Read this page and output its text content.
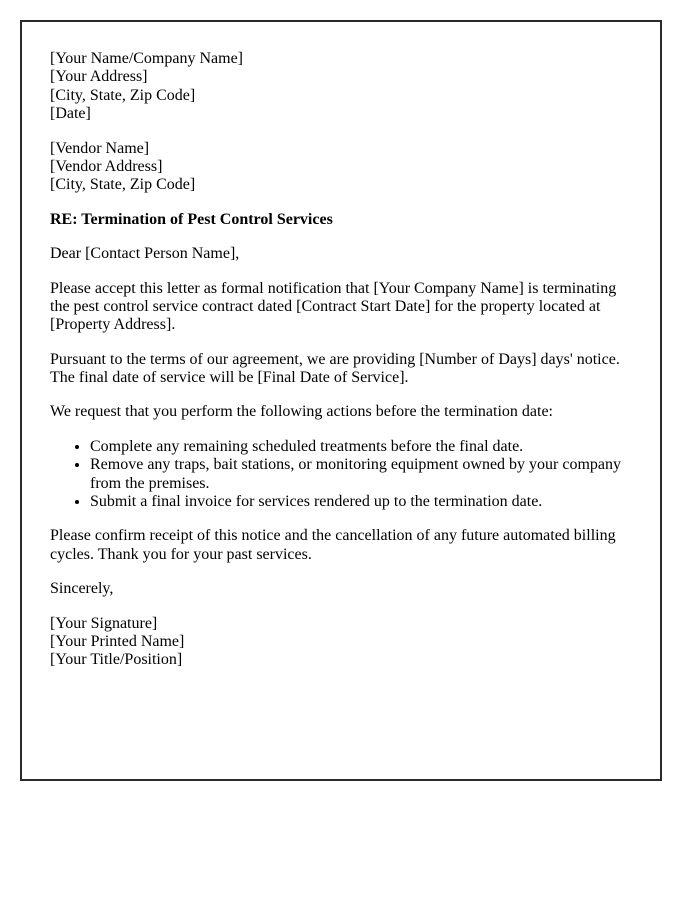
[Your Name/Company Name]
[Your Address]
[City, State, Zip Code]
[Date]

[Vendor Name]
[Vendor Address]
[City, State, Zip Code]

RE: Termination of Pest Control Services

Dear [Contact Person Name],

Please accept this letter as formal notification that [Your Company Name] is terminating the pest control service contract dated [Contract Start Date] for the property located at [Property Address].

Pursuant to the terms of our agreement, we are providing [Number of Days] days' notice. The final date of service will be [Final Date of Service].

We request that you perform the following actions before the termination date:

• Complete any remaining scheduled treatments before the final date.
• Remove any traps, bait stations, or monitoring equipment owned by your company from the premises.
• Submit a final invoice for services rendered up to the termination date.

Please confirm receipt of this notice and the cancellation of any future automated billing cycles. Thank you for your past services.

Sincerely,

[Your Signature]
[Your Printed Name]
[Your Title/Position]
